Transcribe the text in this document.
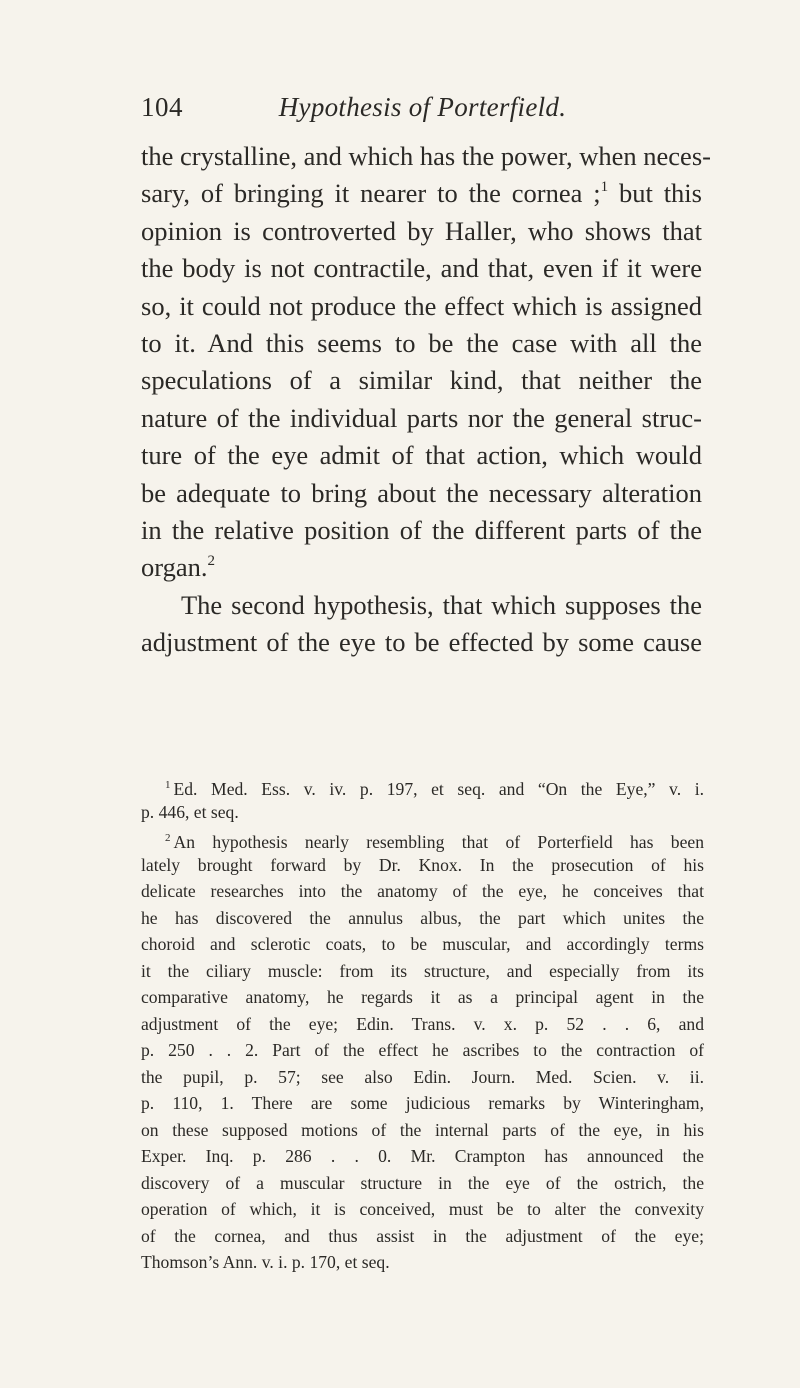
104	Hypothesis of Porterfield.
the crystalline, and which has the power, when neces-
sary, of bringing it nearer to the cornea ;$^1$ but this
opinion is controverted by Haller, who shows that
the body is not contractile, and that, even if it were
so, it could not produce the effect which is assigned
to it. And this seems to be the case with all the
speculations of a similar kind, that neither the
nature of the individual parts nor the general struc-
ture of the eye admit of that action, which would
be adequate to bring about the necessary alteration
in the relative position of the different parts of the
organ.$^2$
The second hypothesis, that which supposes the
adjustment of the eye to be effected by some cause
$^1$ Ed. Med. Ess. v. iv. p. 197, et seq. and “On the Eye,” v. i.
p. 446, et seq.
$^2$ An hypothesis nearly resembling that of Porterfield has been
lately brought forward by Dr. Knox. In the prosecution of his
delicate researches into the anatomy of the eye, he conceives that
he has discovered the annulus albus, the part which unites the
choroid and sclerotic coats, to be muscular, and accordingly terms
it the ciliary muscle: from its structure, and especially from its
comparative anatomy, he regards it as a principal agent in the
adjustment of the eye; Edin. Trans. v. x. p. 52 . . 6, and
p. 250 . . 2. Part of the effect he ascribes to the contraction of
the pupil, p. 57; see also Edin. Journ. Med. Scien. v. ii.
p. 110, 1. There are some judicious remarks by Winteringham,
on these supposed motions of the internal parts of the eye, in his
Exper. Inq. p. 286 . . 0. Mr. Crampton has announced the
discovery of a muscular structure in the eye of the ostrich, the
operation of which, it is conceived, must be to alter the convexity
of the cornea, and thus assist in the adjustment of the eye;
Thomson’s Ann. v. i. p. 170, et seq.
